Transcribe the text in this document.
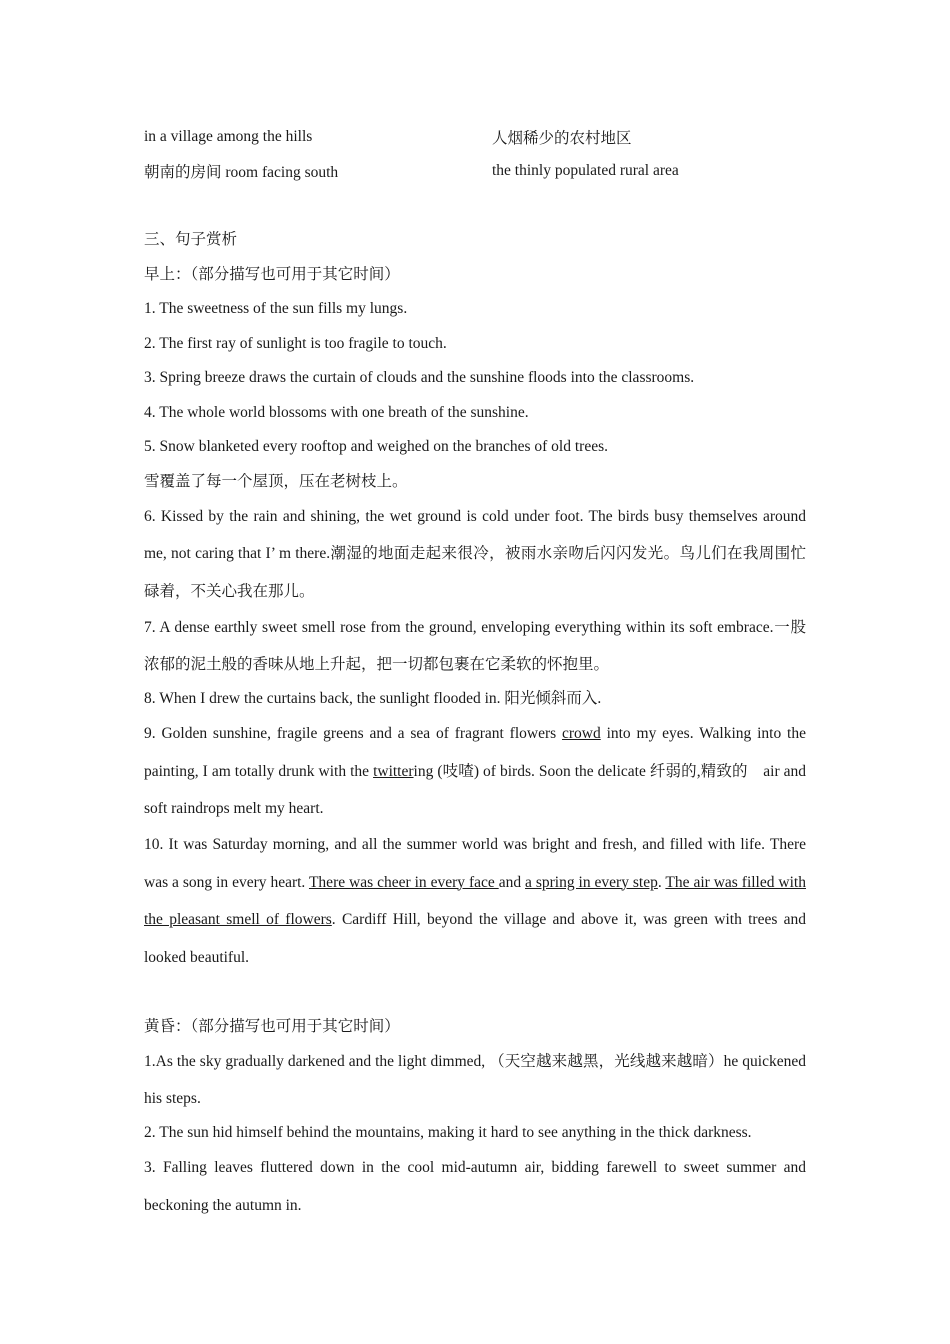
in a village among the hills	人烟稀少的农村地区
朝南的房间 room facing south	the thinly populated rural area
三、句子赏析
早上：（部分描写也可用于其它时间）
1. The sweetness of the sun fills my lungs.
2. The first ray of sunlight is too fragile to touch.
3. Spring breeze draws the curtain of clouds and the sunshine floods into the classrooms.
4. The whole world blossoms with one breath of the sunshine.
5. Snow blanketed every rooftop and weighed on the branches of old trees.
雪覆盖了每一个屋顶，压在老树枝上。
6. Kissed by the rain and shining, the wet ground is cold under foot. The birds busy themselves around me, not caring that I’ m there.潮湿的地面走起来很冷，被雨水亲吻后闪闪发光。鸟儿们在我周围忙碌着，不关心我在那儿。
7. A dense earthly sweet smell rose from the ground, enveloping everything within its soft embrace.一股浓郁的泥土般的香味从地上升起，把一切都包裹在它柔软的怀抱里。
8. When I drew the curtains back, the sunlight flooded in. 阳光倾斜而入.
9. Golden sunshine, fragile greens and a sea of fragrant flowers crowd into my eyes. Walking into the painting, I am totally drunk with the twittering (吱喳) of birds. Soon the delicate 纤弱的,精致的　air and soft raindrops melt my heart.
10. It was Saturday morning, and all the summer world was bright and fresh, and filled with life. There was a song in every heart. There was cheer in every face and a spring in every step. The air was filled with the pleasant smell of flowers. Cardiff Hill, beyond the village and above it, was green with trees and looked beautiful.
黄昏：（部分描写也可用于其它时间）
1.As the sky gradually darkened and the light dimmed, （天空越来越黑，光线越来越暗）he quickened his steps.
2. The sun hid himself behind the mountains, making it hard to see anything in the thick darkness.
3. Falling leaves fluttered down in the cool mid-autumn air, bidding farewell to sweet summer and beckoning the autumn in.
